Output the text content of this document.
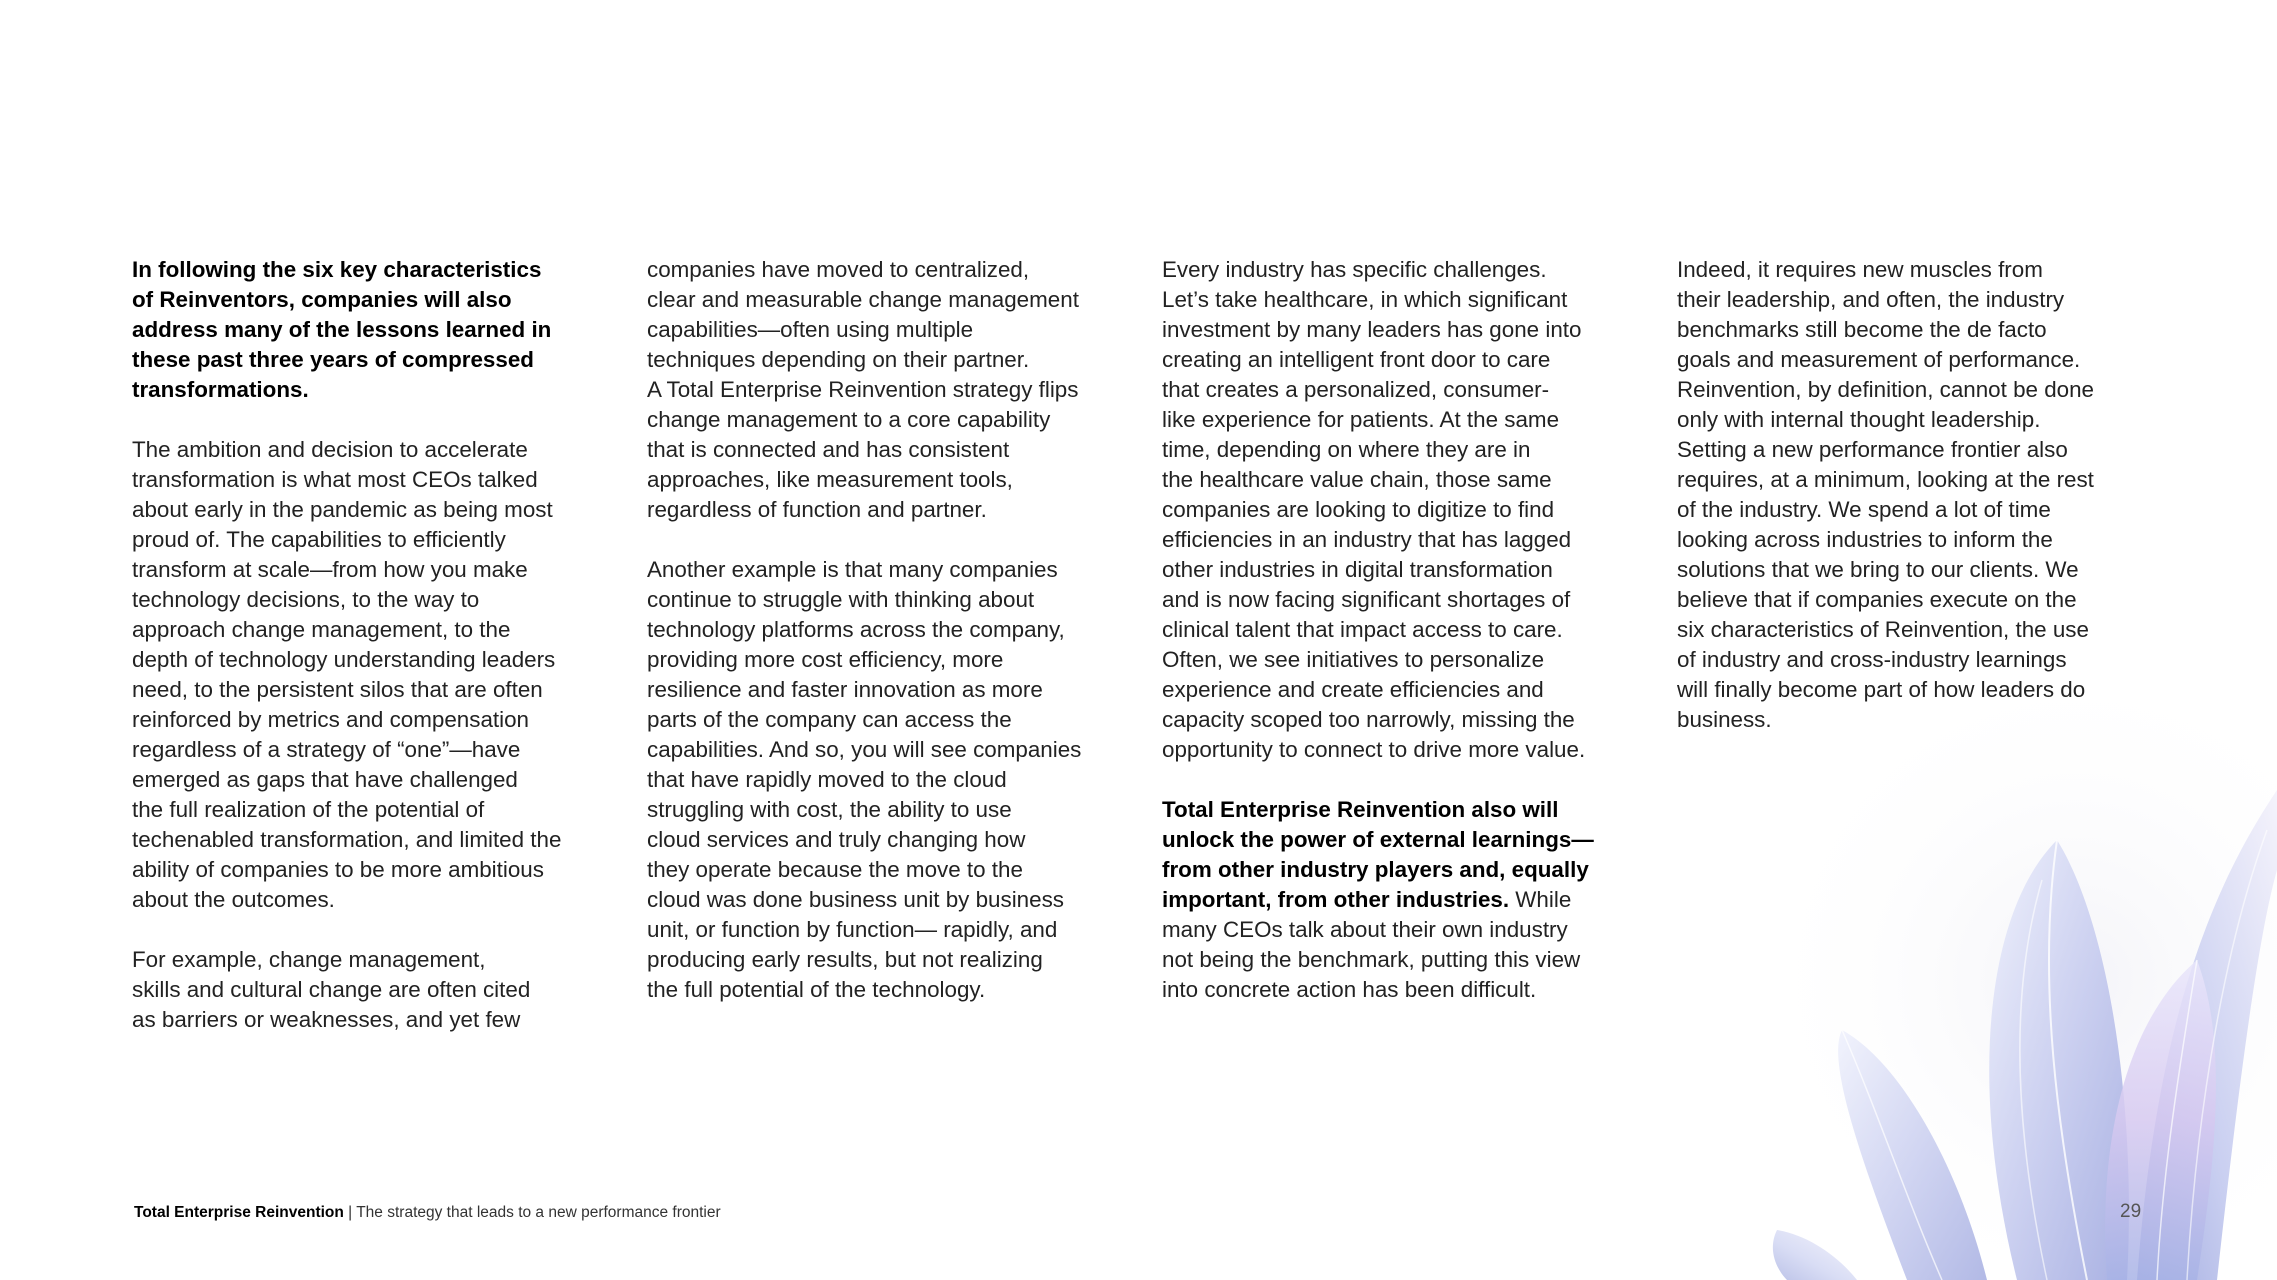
In following the six key characteristics
of Reinventors, companies will also
address many of the lessons learned in
these past three years of compressed
transformations.

The ambition and decision to accelerate
transformation is what most CEOs talked
about early in the pandemic as being most
proud of. The capabilities to efficiently
transform at scale—from how you make
technology decisions, to the way to
approach change management, to the
depth of technology understanding leaders
need, to the persistent silos that are often
reinforced by metrics and compensation
regardless of a strategy of “one”—have
emerged as gaps that have challenged
the full realization of the potential of
techenabled transformation, and limited the
ability of companies to be more ambitious
about the outcomes.

For example, change management,
skills and cultural change are often cited
as barriers or weaknesses, and yet few

companies have moved to centralized,
clear and measurable change management
capabilities—often using multiple
techniques depending on their partner.
A Total Enterprise Reinvention strategy flips
change management to a core capability
that is connected and has consistent
approaches, like measurement tools,
regardless of function and partner.

Another example is that many companies
continue to struggle with thinking about
technology platforms across the company,
providing more cost efficiency, more
resilience and faster innovation as more
parts of the company can access the
capabilities. And so, you will see companies
that have rapidly moved to the cloud
struggling with cost, the ability to use
cloud services and truly changing how
they operate because the move to the
cloud was done business unit by business
unit, or function by function— rapidly, and
producing early results, but not realizing
the full potential of the technology.

Every industry has specific challenges.
Let’s take healthcare, in which significant
investment by many leaders has gone into
creating an intelligent front door to care
that creates a personalized, consumer-
like experience for patients. At the same
time, depending on where they are in
the healthcare value chain, those same
companies are looking to digitize to find
efficiencies in an industry that has lagged
other industries in digital transformation
and is now facing significant shortages of
clinical talent that impact access to care.
Often, we see initiatives to personalize
experience and create efficiencies and
capacity scoped too narrowly, missing the
opportunity to connect to drive more value.

Total Enterprise Reinvention also will
unlock the power of external learnings—
from other industry players and, equally
important, from other industries. While
many CEOs talk about their own industry
not being the benchmark, putting this view
into concrete action has been difficult.

Indeed, it requires new muscles from
their leadership, and often, the industry
benchmarks still become the de facto
goals and measurement of performance.
Reinvention, by definition, cannot be done
only with internal thought leadership.
Setting a new performance frontier also
requires, at a minimum, looking at the rest
of the industry. We spend a lot of time
looking across industries to inform the
solutions that we bring to our clients. We
believe that if companies execute on the
six characteristics of Reinvention, the use
of industry and cross-industry learnings
will finally become part of how leaders do
business.

Total Enterprise Reinvention | The strategy that leads to a new performance frontier	29
